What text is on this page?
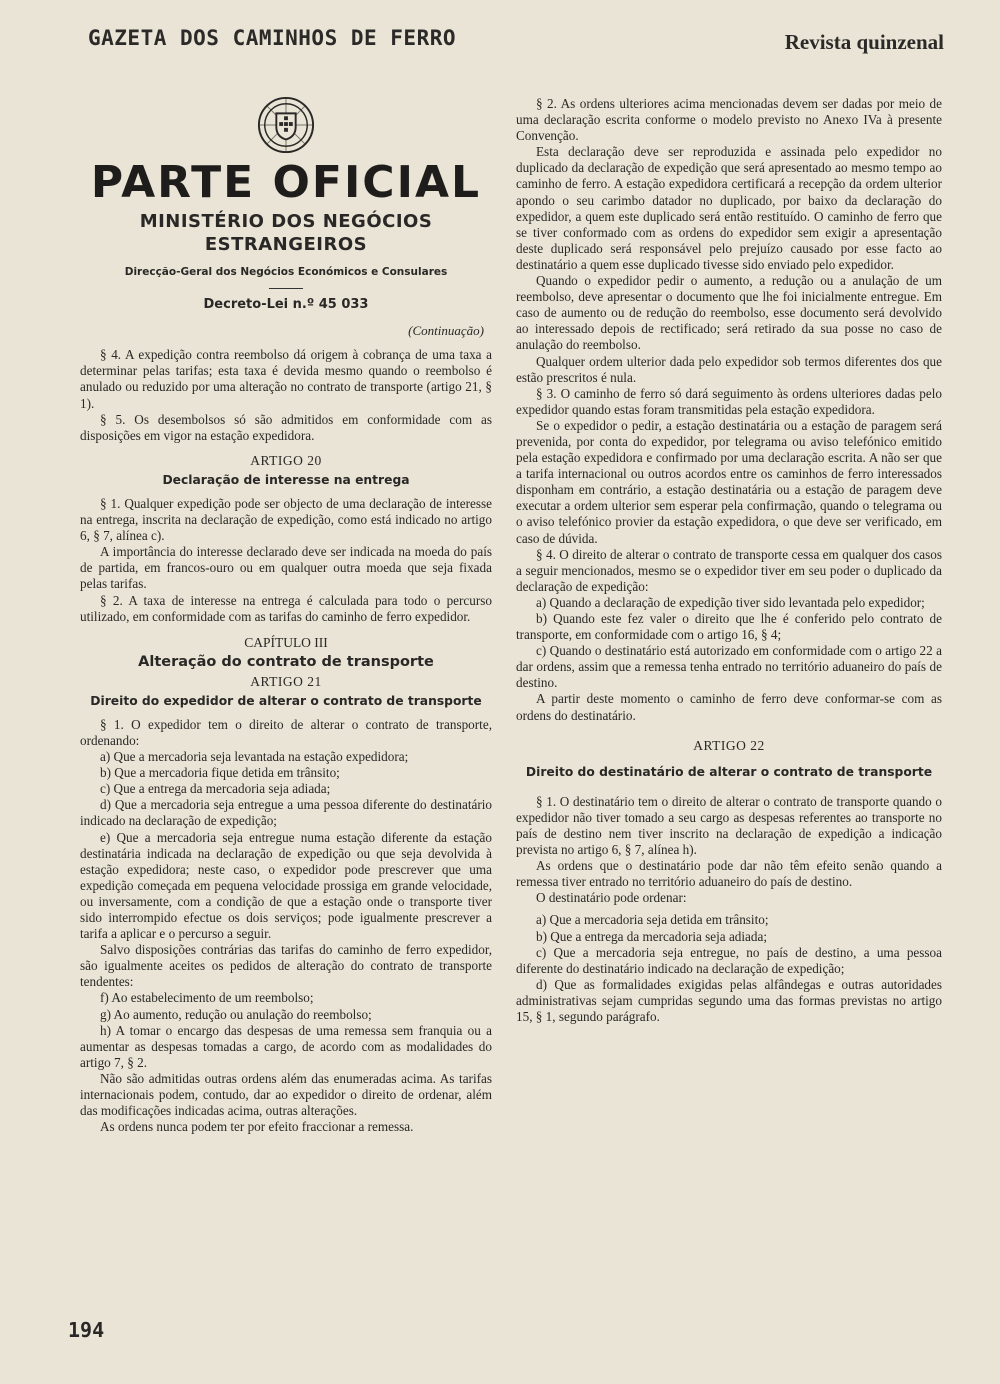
GAZETA DOS CAMINHOS DE FERRO	Revista quinzenal
PARTE OFICIAL
MINISTÉRIO DOS NEGÓCIOS
ESTRANGEIROS
Direcção-Geral dos Negócios Económicos e Consulares
Decreto-Lei n.º 45 033
(Continuação)

§ 4. A expedição contra reembolso dá origem à cobrança de uma taxa a determinar pelas tarifas; esta taxa é devida mesmo quando o reembolso é anulado ou reduzido por uma alteração no contrato de transporte (artigo 21, § 1).

§ 5. Os desembolsos só são admitidos em conformidade com as disposições em vigor na estação expedidora.

ARTIGO 20
Declaração de interesse na entrega

§ 1. Qualquer expedição pode ser objecto de uma declaração de interesse na entrega, inscrita na declaração de expedição, como está indicado no artigo 6, § 7, alínea c).

A importância do interesse declarado deve ser indicada na moeda do país de partida, em francos-ouro ou em qualquer outra moeda que seja fixada pelas tarifas.

§ 2. A taxa de interesse na entrega é calculada para todo o percurso utilizado, em conformidade com as tarifas do caminho de ferro expedidor.

CAPÍTULO III
Alteração do contrato de transporte
ARTIGO 21
Direito do expedidor de alterar o contrato de transporte

§ 1. O expedidor tem o direito de alterar o contrato de transporte, ordenando:

a) Que a mercadoria seja levantada na estação expedidora;

b) Que a mercadoria fique detida em trânsito;

c) Que a entrega da mercadoria seja adiada;

d) Que a mercadoria seja entregue a uma pessoa diferente do destinatário indicado na declaração de expedição;

e) Que a mercadoria seja entregue numa estação diferente da estação destinatária indicada na declaração de expedição ou que seja devolvida à estação expedidora; neste caso, o expedidor pode prescrever que uma expedição começada em pequena velocidade prossiga em grande velocidade, ou inversamente, com a condição de que a estação onde o transporte tiver sido interrompido efectue os dois serviços; pode igualmente prescrever a tarifa a aplicar e o percurso a seguir.

Salvo disposições contrárias das tarifas do caminho de ferro expedidor, são igualmente aceites os pedidos de alteração do contrato de transporte tendentes:

f) Ao estabelecimento de um reembolso;

g) Ao aumento, redução ou anulação do reembolso;

h) A tomar o encargo das despesas de uma remessa sem franquia ou a aumentar as despesas tomadas a cargo, de acordo com as modalidades do artigo 7, § 2.

Não são admitidas outras ordens além das enumeradas acima. As tarifas internacionais podem, contudo, dar ao expedidor o direito de ordenar, além das modificações indicadas acima, outras alterações.

As ordens nunca podem ter por efeito fraccionar a remessa.

§ 2. As ordens ulteriores acima mencionadas devem ser dadas por meio de uma declaração escrita conforme o modelo previsto no Anexo IVa à presente Convenção.

Esta declaração deve ser reproduzida e assinada pelo expedidor no duplicado da declaração de expedição que será apresentado ao mesmo tempo ao caminho de ferro. A estação expedidora certificará a recepção da ordem ulterior apondo o seu carimbo datador no duplicado, por baixo da declaração do expedidor, a quem este duplicado será então restituído. O caminho de ferro que se tiver conformado com as ordens do expedidor sem exigir a apresentação deste duplicado será responsável pelo prejuízo causado por esse facto ao destinatário a quem esse duplicado tivesse sido enviado pelo expedidor.

Quando o expedidor pedir o aumento, a redução ou a anulação de um reembolso, deve apresentar o documento que lhe foi inicialmente entregue. Em caso de aumento ou de redução do reembolso, esse documento será devolvido ao interessado depois de rectificado; será retirado da sua posse no caso de anulação do reembolso.

Qualquer ordem ulterior dada pelo expedidor sob termos diferentes dos que estão prescritos é nula.

§ 3. O caminho de ferro só dará seguimento às ordens ulteriores dadas pelo expedidor quando estas foram transmitidas pela estação expedidora.

Se o expedidor o pedir, a estação destinatária ou a estação de paragem será prevenida, por conta do expedidor, por telegrama ou aviso telefónico emitido pela estação expedidora e confirmado por uma declaração escrita. A não ser que a tarifa internacional ou outros acordos entre os caminhos de ferro interessados disponham em contrário, a estação destinatária ou a estação de paragem deve executar a ordem ulterior sem esperar pela confirmação, quando o telegrama ou o aviso telefónico provier da estação expedidora, o que deve ser verificado, em caso de dúvida.

§ 4. O direito de alterar o contrato de transporte cessa em qualquer dos casos a seguir mencionados, mesmo se o expedidor tiver em seu poder o duplicado da declaração de expedição:

a) Quando a declaração de expedição tiver sido levantada pelo expedidor;

b) Quando este fez valer o direito que lhe é conferido pelo contrato de transporte, em conformidade com o artigo 16, § 4;

c) Quando o destinatário está autorizado em conformidade com o artigo 22 a dar ordens, assim que a remessa tenha entrado no território aduaneiro do país de destino.

A partir deste momento o caminho de ferro deve conformar-se com as ordens do destinatário.

ARTIGO 22
Direito do destinatário de alterar o contrato de transporte

§ 1. O destinatário tem o direito de alterar o contrato de transporte quando o expedidor não tiver tomado a seu cargo as despesas referentes ao transporte no país de destino nem tiver inscrito na declaração de expedição a indicação prevista no artigo 6, § 7, alínea h).

As ordens que o destinatário pode dar não têm efeito senão quando a remessa tiver entrado no território aduaneiro do país de destino.

O destinatário pode ordenar:

a) Que a mercadoria seja detida em trânsito;

b) Que a entrega da mercadoria seja adiada;

c) Que a mercadoria seja entregue, no país de destino, a uma pessoa diferente do destinatário indicado na declaração de expedição;

d) Que as formalidades exigidas pelas alfândegas e outras autoridades administrativas sejam cumpridas segundo uma das formas previstas no artigo 15, § 1, segundo parágrafo.

194
